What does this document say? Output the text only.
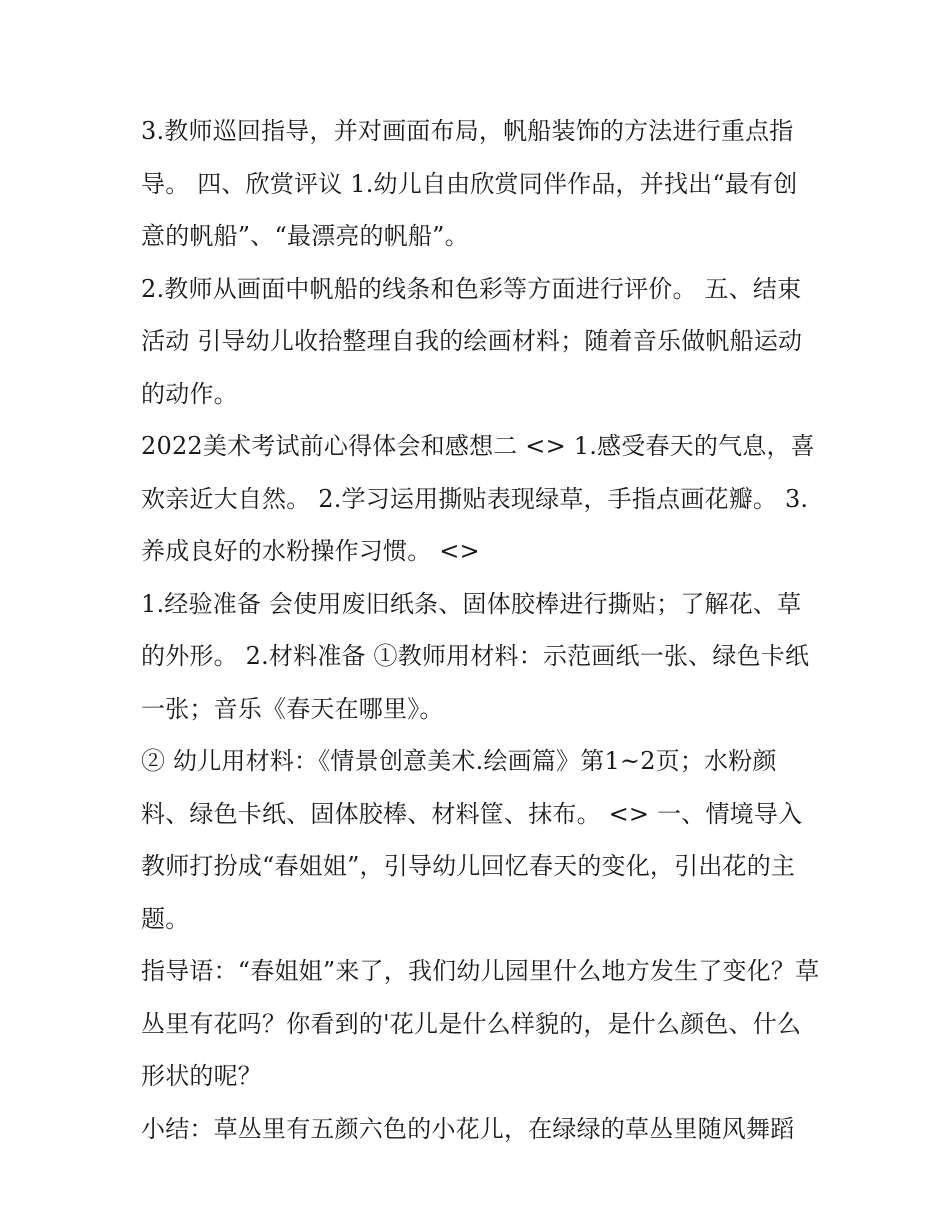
3.教师巡回指导，并对画面布局，帆船装饰的方法进行重点指导。 四、欣赏评议 1.幼儿自由欣赏同伴作品，并找出“最有创意的帆船”、“最漂亮的帆船”。

2.教师从画面中帆船的线条和色彩等方面进行评价。 五、结束活动 引导幼儿收拾整理自我的绘画材料；随着音乐做帆船运动的动作。

2022美术考试前心得体会和感想二 <> 1.感受春天的气息，喜欢亲近大自然。 2.学习运用撕贴表现绿草，手指点画花瓣。 3.养成良好的水粉操作习惯。 <>

1.经验准备 会使用废旧纸条、固体胶棒进行撕贴；了解花、草的外形。 2.材料准备 ①教师用材料：示范画纸一张、绿色卡纸一张；音乐《春天在哪里》。

② 幼儿用材料：《情景创意美术.绘画篇》第1~2页；水粉颜料、绿色卡纸、固体胶棒、材料筐、抹布。 <> 一、情境导入 教师打扮成“春姐姐”，引导幼儿回忆春天的变化，引出花的主题。

指导语：“春姐姐”来了，我们幼儿园里什么地方发生了变化？草丛里有花吗？你看到的'花儿是什么样貌的，是什么颜色、什么形状的呢？

小结：草丛里有五颜六色的小花儿，在绿绿的草丛里随风舞蹈
